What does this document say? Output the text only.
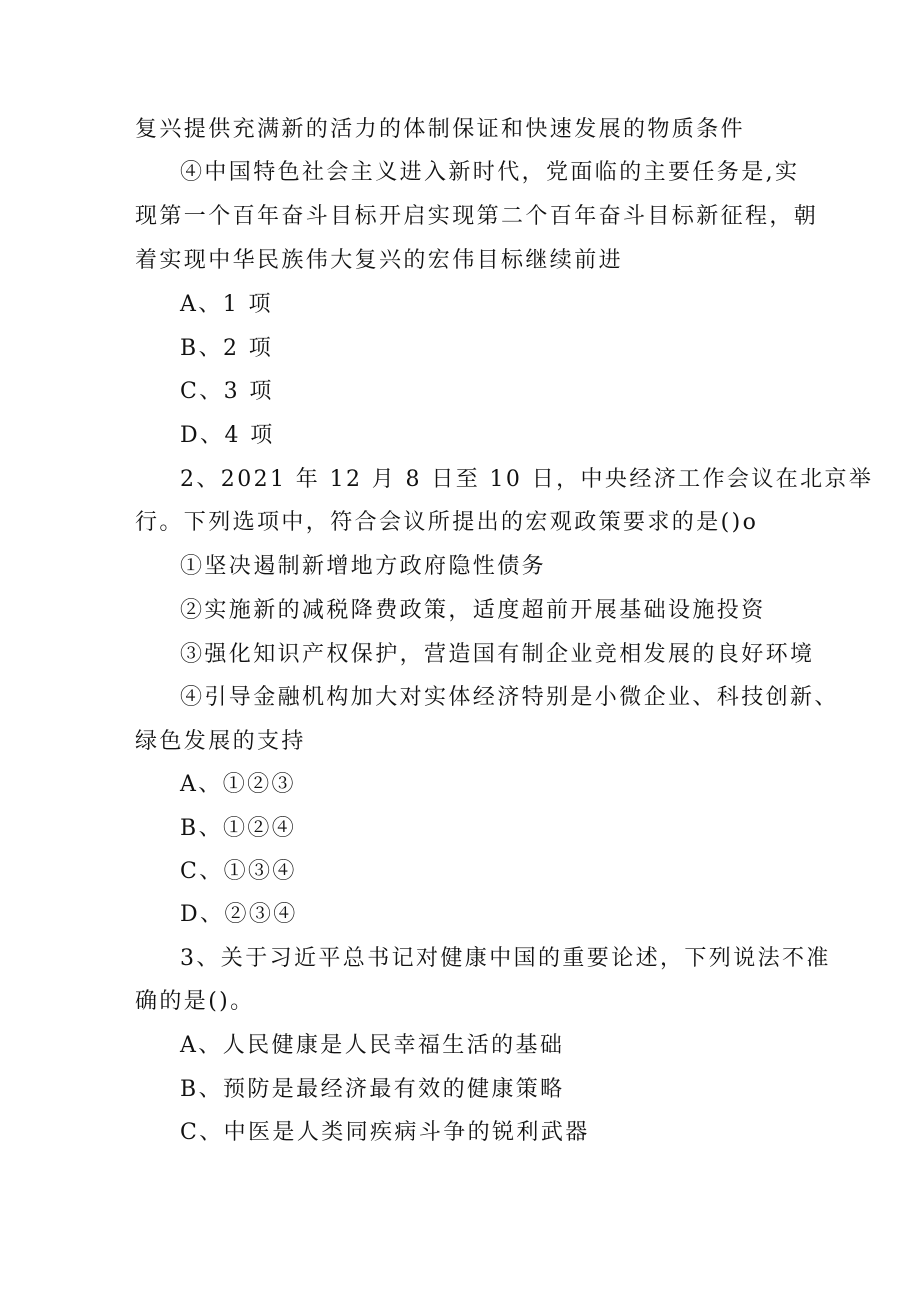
复兴提供充满新的活力的体制保证和快速发展的物质条件
④中国特色社会主义进入新时代，党面临的主要任务是,实
现第一个百年奋斗目标开启实现第二个百年奋斗目标新征程，朝
着实现中华民族伟大复兴的宏伟目标继续前进
A、1 项
B、2 项
C、3 项
D、4 项
2、2021 年 12 月 8 日至 10 日，中央经济工作会议在北京举
行。下列选项中，符合会议所提出的宏观政策要求的是()o
①坚决遏制新增地方政府隐性债务
②实施新的减税降费政策，适度超前开展基础设施投资
③强化知识产权保护，营造国有制企业竞相发展的良好环境
④引导金融机构加大对实体经济特别是小微企业、科技创新、
绿色发展的支持
A、①②③
B、①②④
C、①③④
D、②③④
3、关于习近平总书记对健康中国的重要论述，下列说法不准
确的是()。
A、人民健康是人民幸福生活的基础
B、预防是最经济最有效的健康策略
C、中医是人类同疾病斗争的锐利武器
